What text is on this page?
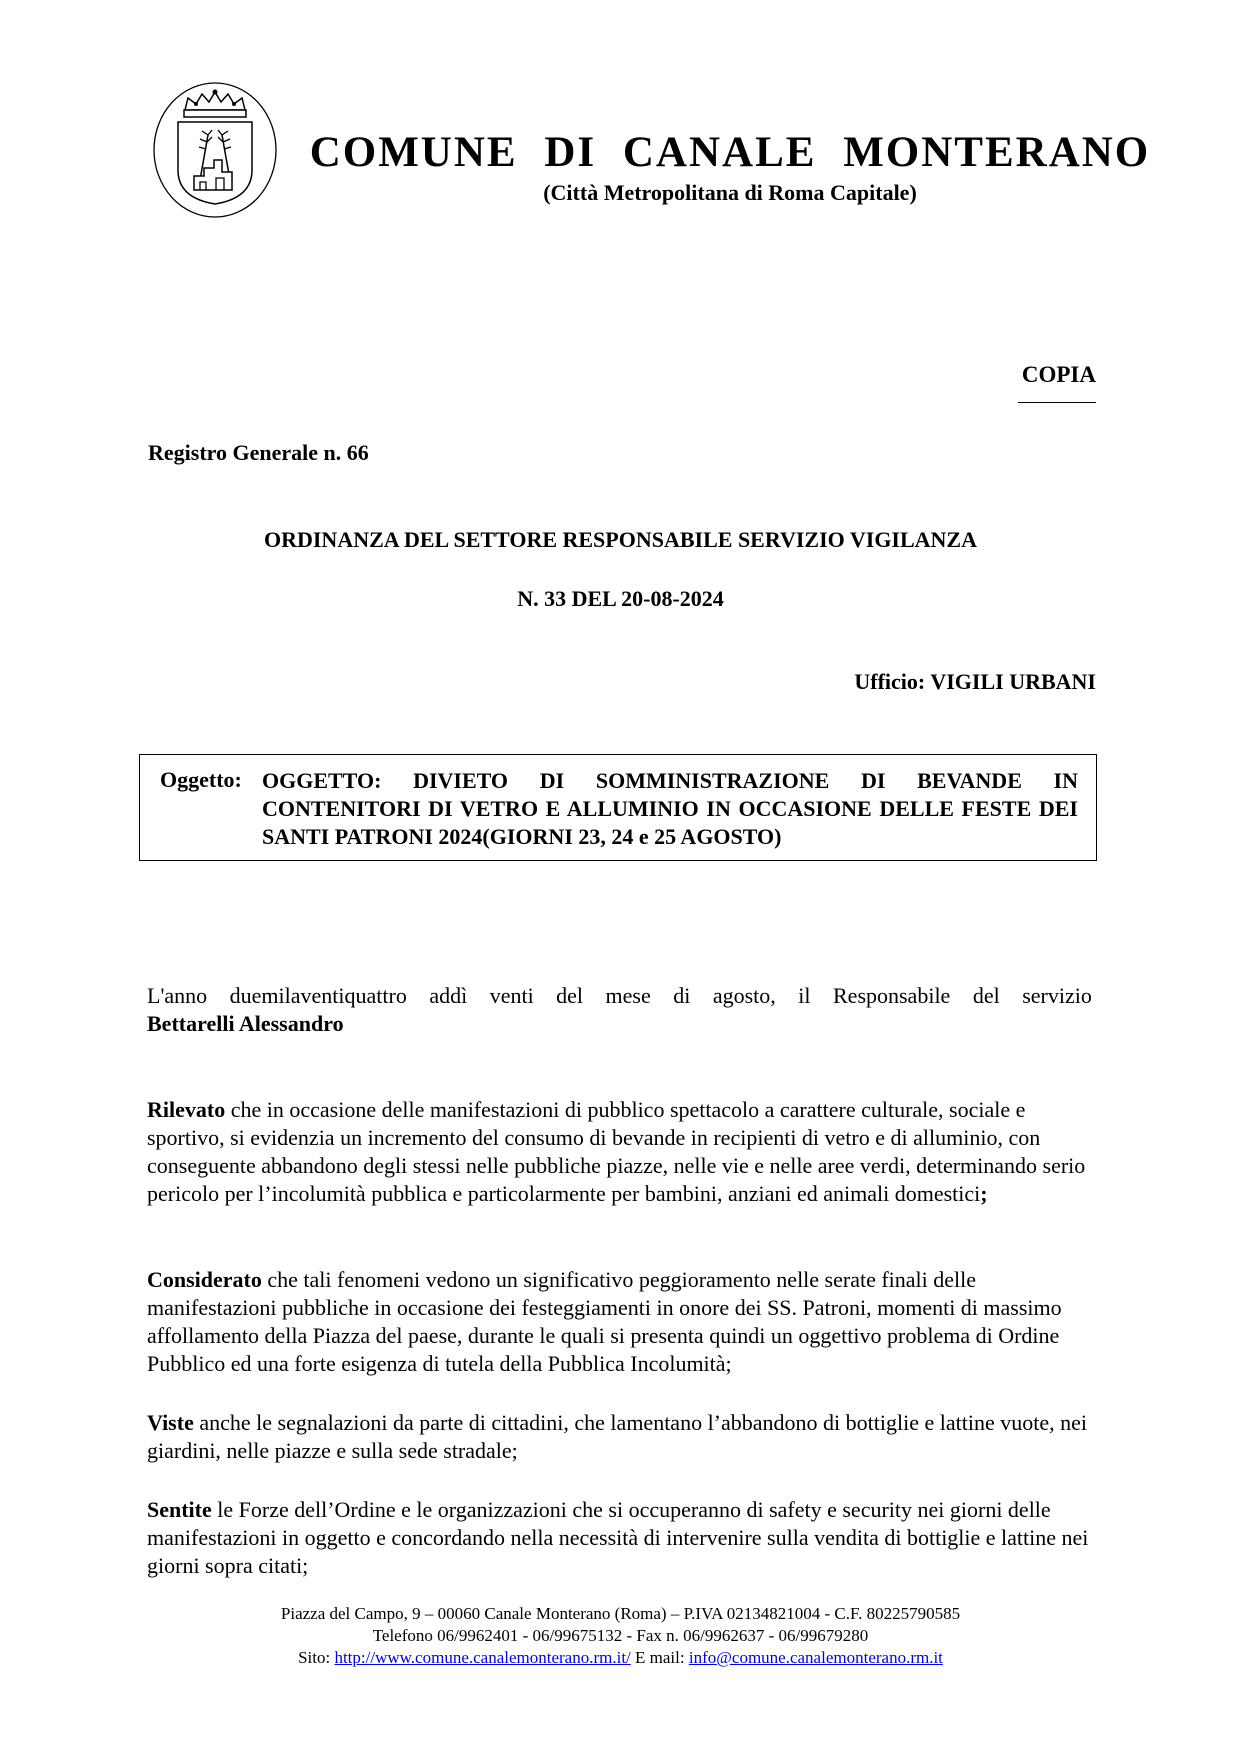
COMUNE DI CANALE MONTERANO
(Città Metropolitana di Roma Capitale)
COPIA
Registro Generale n. 66
ORDINANZA DEL SETTORE RESPONSABILE SERVIZIO VIGILANZA
N. 33 DEL 20-08-2024
Ufficio: VIGILI URBANI
Oggetto: OGGETTO: DIVIETO DI SOMMINISTRAZIONE DI BEVANDE IN CONTENITORI DI VETRO E ALLUMINIO IN OCCASIONE DELLE FESTE DEI SANTI PATRONI 2024(GIORNI 23, 24 e 25 AGOSTO)
L'anno duemilaventiquattro addì venti del mese di agosto, il Responsabile del servizio
Bettarelli Alessandro
Rilevato che in occasione delle manifestazioni di pubblico spettacolo a carattere culturale, sociale e sportivo, si evidenzia un incremento del consumo di bevande in recipienti di vetro e di alluminio, con conseguente abbandono degli stessi nelle pubbliche piazze, nelle vie e nelle aree verdi, determinando serio pericolo per l’incolumità pubblica e particolarmente per bambini, anziani ed animali domestici;
Considerato che tali fenomeni vedono un significativo peggioramento nelle serate finali delle manifestazioni pubbliche in occasione dei festeggiamenti in onore dei SS. Patroni, momenti di massimo affollamento della Piazza del paese, durante le quali si presenta quindi un oggettivo problema di Ordine Pubblico ed una forte esigenza di tutela della Pubblica Incolumità;
Viste anche le segnalazioni da parte di cittadini, che lamentano l’abbandono di bottiglie e lattine vuote, nei giardini, nelle piazze e sulla sede stradale;
Sentite le Forze dell’Ordine e le organizzazioni che si occuperanno di safety e security nei giorni delle manifestazioni in oggetto e concordando nella necessità di intervenire sulla vendita di bottiglie e lattine nei giorni sopra citati;
Piazza del Campo, 9 – 00060 Canale Monterano (Roma) – P.IVA 02134821004 - C.F. 80225790585
Telefono 06/9962401 - 06/99675132 - Fax n. 06/9962637 - 06/99679280
Sito: http://www.comune.canalemonterano.rm.it/ E mail: info@comune.canalemonterano.rm.it
